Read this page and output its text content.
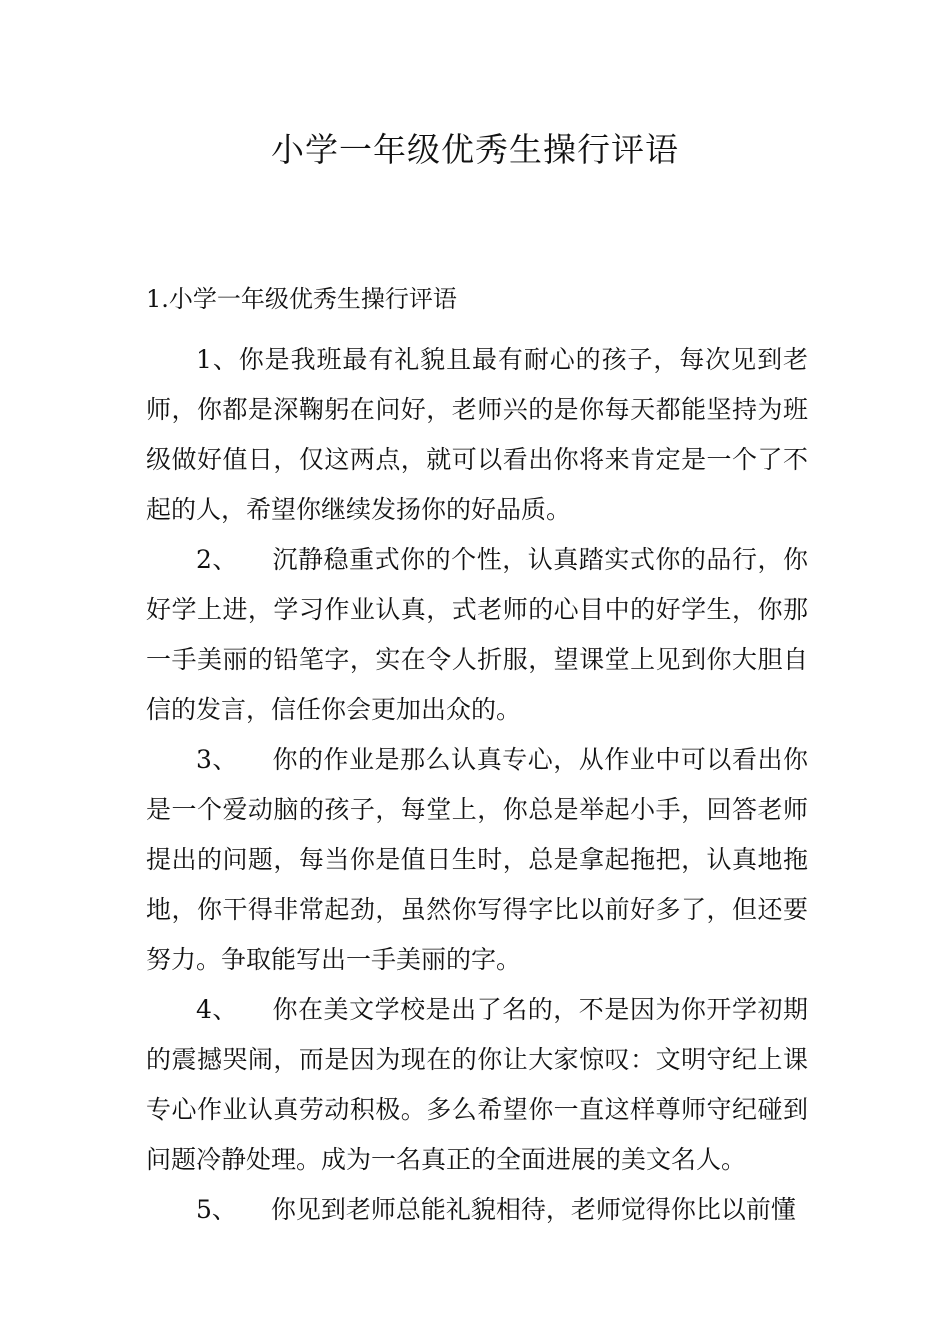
小学一年级优秀生操行评语
1.小学一年级优秀生操行评语

1、你是我班最有礼貌且最有耐心的孩子，每次见到老师，你都是深鞠躬在问好，老师兴的是你每天都能坚持为班级做好值日，仅这两点，就可以看出你将来肯定是一个了不起的人，希望你继续发扬你的好品质。

2、 沉静稳重式你的个性，认真踏实式你的品行，你好学上进，学习作业认真，式老师的心目中的好学生，你那一手美丽的铅笔字，实在令人折服，望课堂上见到你大胆自信的发言，信任你会更加出众的。

3、 你的作业是那么认真专心，从作业中可以看出你是一个爱动脑的孩子，每堂上，你总是举起小手，回答老师提出的问题，每当你是值日生时，总是拿起拖把，认真地拖地，你干得非常起劲，虽然你写得字比以前好多了，但还要努力。争取能写出一手美丽的字。

4、 你在美文学校是出了名的，不是因为你开学初期的震撼哭闹，而是因为现在的你让大家惊叹：文明守纪上课专心作业认真劳动积极。多么希望你一直这样尊师守纪碰到问题冷静处理。成为一名真正的全面进展的美文名人。

5、 你见到老师总能礼貌相待，老师觉得你比以前懂
